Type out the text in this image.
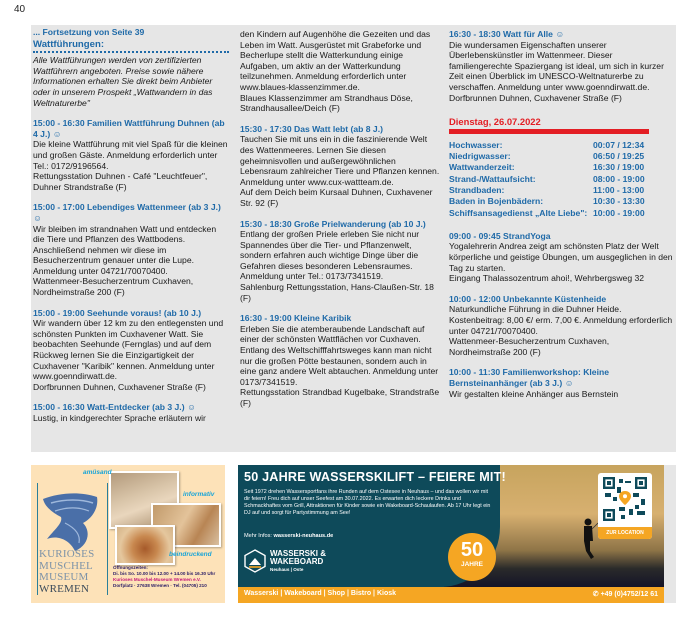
40
... Fortsetzung von Seite 39
Wattführungen:
Alle Wattführungen werden von zertifizierten Wattführern angeboten. Preise sowie nähere Informationen erhalten Sie direkt beim Anbieter oder in unserem Prospekt „Wattwandern in das Weltnaturerbe"
15:00 - 16:30 Familien Wattführung Duhnen (ab 4 J.) ☺
Die kleine Wattführung mit viel Spaß für die kleinen und großen Gäste. Anmeldung erforderlich unter Tel.: 0172/9196564.
Rettungsstation Duhnen - Café "Leuchtfeuer", Duhner Strandstraße (F)
15:00 - 17:00 Lebendiges Wattenmeer (ab 3 J.) ☺
Wir bleiben im strandnahen Watt und entdecken die Tiere und Pflanzen des Wattbodens. Anschließend nehmen wir diese im Besucherzentrum genauer unter die Lupe. Anmeldung unter 04721/70070400.
Wattenmeer-Besucherzentrum Cuxhaven, Nordheimstraße 200 (F)
15:00 - 19:00 Seehunde voraus! (ab 10 J.)
Wir wandern über 12 km zu den entlegensten und schönsten Punkten im Cuxhavener Watt. Sie beobachten Seehunde (Fernglas) und auf dem Rückweg lernen Sie die Einzigartigkeit der Cuxhavener "Karibik" kennen. Anmeldung unter www.goenndirwatt.de.
Dorfbrunnen Duhnen, Cuxhavener Straße (F)
15:00 - 16:30 Watt-Entdecker (ab 3 J.) ☺
Lustig, in kindgerechter Sprache erläutern wir
den Kindern auf Augenhöhe die Gezeiten und das Leben im Watt. Ausgerüstet mit Grabeforke und Becherlupe stellt die Watterkundung einige Aufgaben, um aktiv an der Watterkundung teilzunehmen. Anmeldung erforderlich unter www.blaues-klassenzimmer.de.
Blaues Klassenzimmer am Strandhaus Döse, Strandhausallee/Deich (F)
15:30 - 17:30 Das Watt lebt (ab 8 J.)
Tauchen Sie mit uns ein in die faszinierende Welt des Wattenmeeres. Lernen Sie diesen geheimnisvollen und außergewöhnlichen Lebensraum zahlreicher Tiere und Pflanzen kennen. Anmeldung unter www.cux-wattteam.de.
Auf dem Deich beim Kursaal Duhnen, Cuxhavener Str. 92 (F)
15:30 - 18:30 Große Prielwanderung (ab 10 J.)
Entlang der großen Priele erleben Sie nicht nur Spannendes über die Tier- und Pflanzenwelt, sondern erfahren auch wichtige Dinge über die Gefahren dieses besonderen Lebensraumes. Anmeldung unter Tel.: 0173/7341519.
Sahlenburg Rettungsstation, Hans-Claußen-Str. 18 (F)
16:30 - 19:00 Kleine Karibik
Erleben Sie die atemberaubende Landschaft auf einer der schönsten Wattflächen vor Cuxhaven. Entlang des Weltschifffahrtsweges kann man nicht nur die großen Pötte bestaunen, sondern auch in eine ganz andere Welt abtauchen. Anmeldung unter 0173/7341519.
Rettungsstation Strandbad Kugelbake, Strandstraße (F)
16:30 - 18:30 Watt für Alle ☺
Die wundersamen Eigenschaften unserer Überlebenskünstler im Wattenmeer. Dieser familiengerechte Spaziergang ist ideal, um sich in kurzer Zeit einen Überblick im UNESCO-Weltnaturerbe zu verschaffen. Anmeldung unter www.goenndirwatt.de.
Dorfbrunnen Duhnen, Cuxhavener Straße (F)
Dienstag, 26.07.2022
Hochwasser:	00:07 / 12:34
Niedrigwasser:	06:50 / 19:25
Wattwanderzeit:	16:30 / 19:00
Strand-/Wattaufsicht:	08:00 - 19:00
Strandbaden:	11:00 - 13:00
Baden in Bojenbädern:	10:30 - 13:30
Schiffsansagedienst „Alte Liebe": 10:00 - 19:00
09:00 - 09:45 StrandYoga
Yogalehrerin Andrea zeigt am schönsten Platz der Welt körperliche und geistige Übungen, um ausgeglichen in den Tag zu starten.
Eingang Thalassozentrum ahoi!, Wehrbergsweg 32
10:00 - 12:00 Unbekannte Küstenheide
Naturkundliche Führung in die Duhner Heide. Kostenbeitrag: 8,00 €/ erm. 7,00 €. Anmeldung erforderlich unter 04721/70070400.
Wattenmeer-Besucherzentrum Cuxhaven, Nordheimstraße 200 (F)
10:00 - 11:30 Familienworkshop: Kleine Bernsteinanhänger (ab 3 J.) ☺
Wir gestalten kleine Anhänger aus Bernstein
KURIOSES
MUSCHEL
MUSEUM
WREMEN
amüsand
informativ
beindruckend
Öffnungszeiten:
Di. bis So. 10.00 bis 12.00 + 14.00 bis 16.30 Uhr
Kurioses Muschel-Museum Wremen e.V.
Dorfplatz · 27638 Wremen · Tel. (04705) 210
50 JAHRE WASSERSKILIFT – FEIERE MIT!
Seit 1972 drehen Wassersportfans ihre Runden auf dem Ostesee in Neuhaus – und das wollen wir mit dir feiern! Freu dich auf unser Seefest am 30.07.2022. Es erwarten dich leckere Drinks und Schmackhaftes vom Grill, Attraktionen für Kinder sowie ein Wakeboard-Schaulaufen. Ab 17 Uhr legt ein DJ auf und sorgt für Partystimmung am See!
Mehr Infos: wasserski-neuhaus.de
WASSERSKI &
WAKEBOARD
Neuhaus | Oste
50
JAHRE
ZUR LOCATION
Wasserski | Wakeboard | Shop | Bistro | Kiosk	✆ +49 (0)4752/12 61
